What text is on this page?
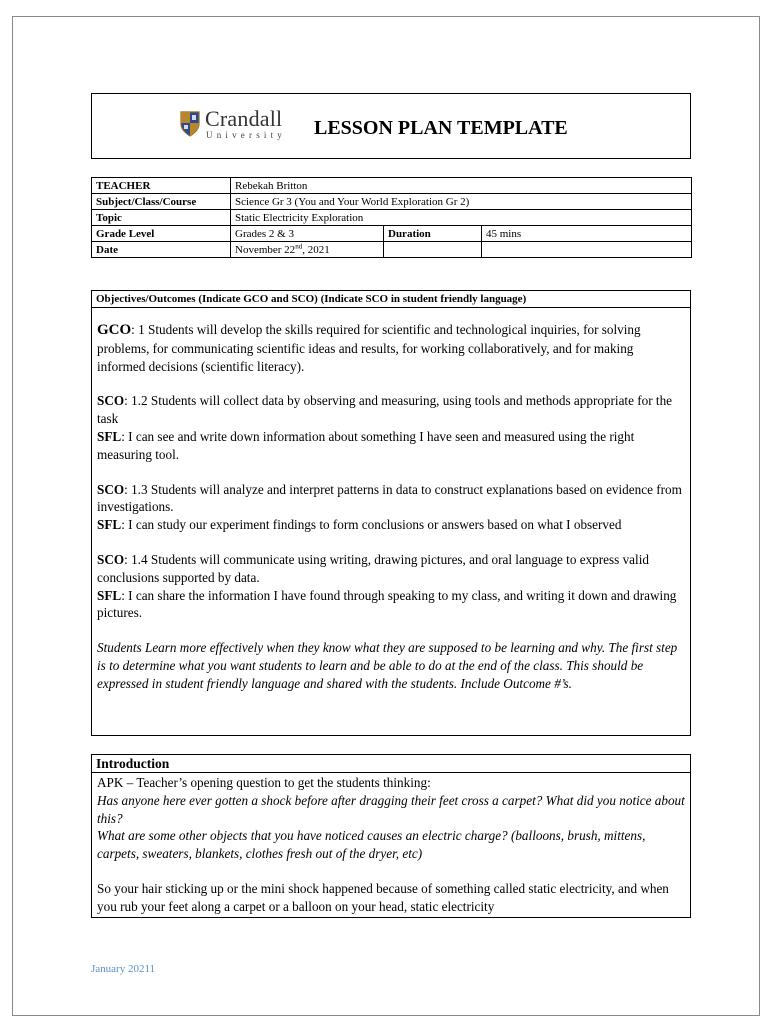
Crandall
University LESSON PLAN TEMPLATE
TEACHER	Rebekah Britton		
Subject/Class/Course	Science Gr 3 (You and Your World Exploration Gr 2)		
Topic	Static Electricity Exploration		
Grade Level	Grades 2 & 3	Duration	45 mins
Date	November 22nd, 2021		
Objectives/Outcomes (Indicate GCO and SCO) (Indicate SCO in student friendly language)

GCO: 1 Students will develop the skills required for scientific and technological inquiries, for solving problems, for communicating scientific ideas and results, for working collaboratively, and for making informed decisions (scientific literacy).

SCO: 1.2 Students will collect data by observing and measuring, using tools and methods appropriate for the task

SFL: I can see and write down information about something I have seen and measured using the right measuring tool.

SCO: 1.3 Students will analyze and interpret patterns in data to construct explanations based on evidence from investigations.

SFL: I can study our experiment findings to form conclusions or answers based on what I observed

SCO: 1.4 Students will communicate using writing, drawing pictures, and oral language to express valid conclusions supported by data.

SFL: I can share the information I have found through speaking to my class, and writing it down and drawing pictures.

Students Learn more effectively when they know what they are supposed to be learning and why. The first step is to determine what you want students to learn and be able to do at the end of the class. This should be expressed in student friendly language and shared with the students. Include Outcome #’s.

Introduction

APK – Teacher’s opening question to get the students thinking:

Has anyone here ever gotten a shock before after dragging their feet cross a carpet? What did you notice about this?

What are some other objects that you have noticed causes an electric charge? (balloons, brush, mittens, carpets, sweaters, blankets, clothes fresh out of the dryer, etc)

So your hair sticking up or the mini shock happened because of something called static electricity, and when you rub your feet along a carpet or a balloon on your head, static electricity

January 20211
